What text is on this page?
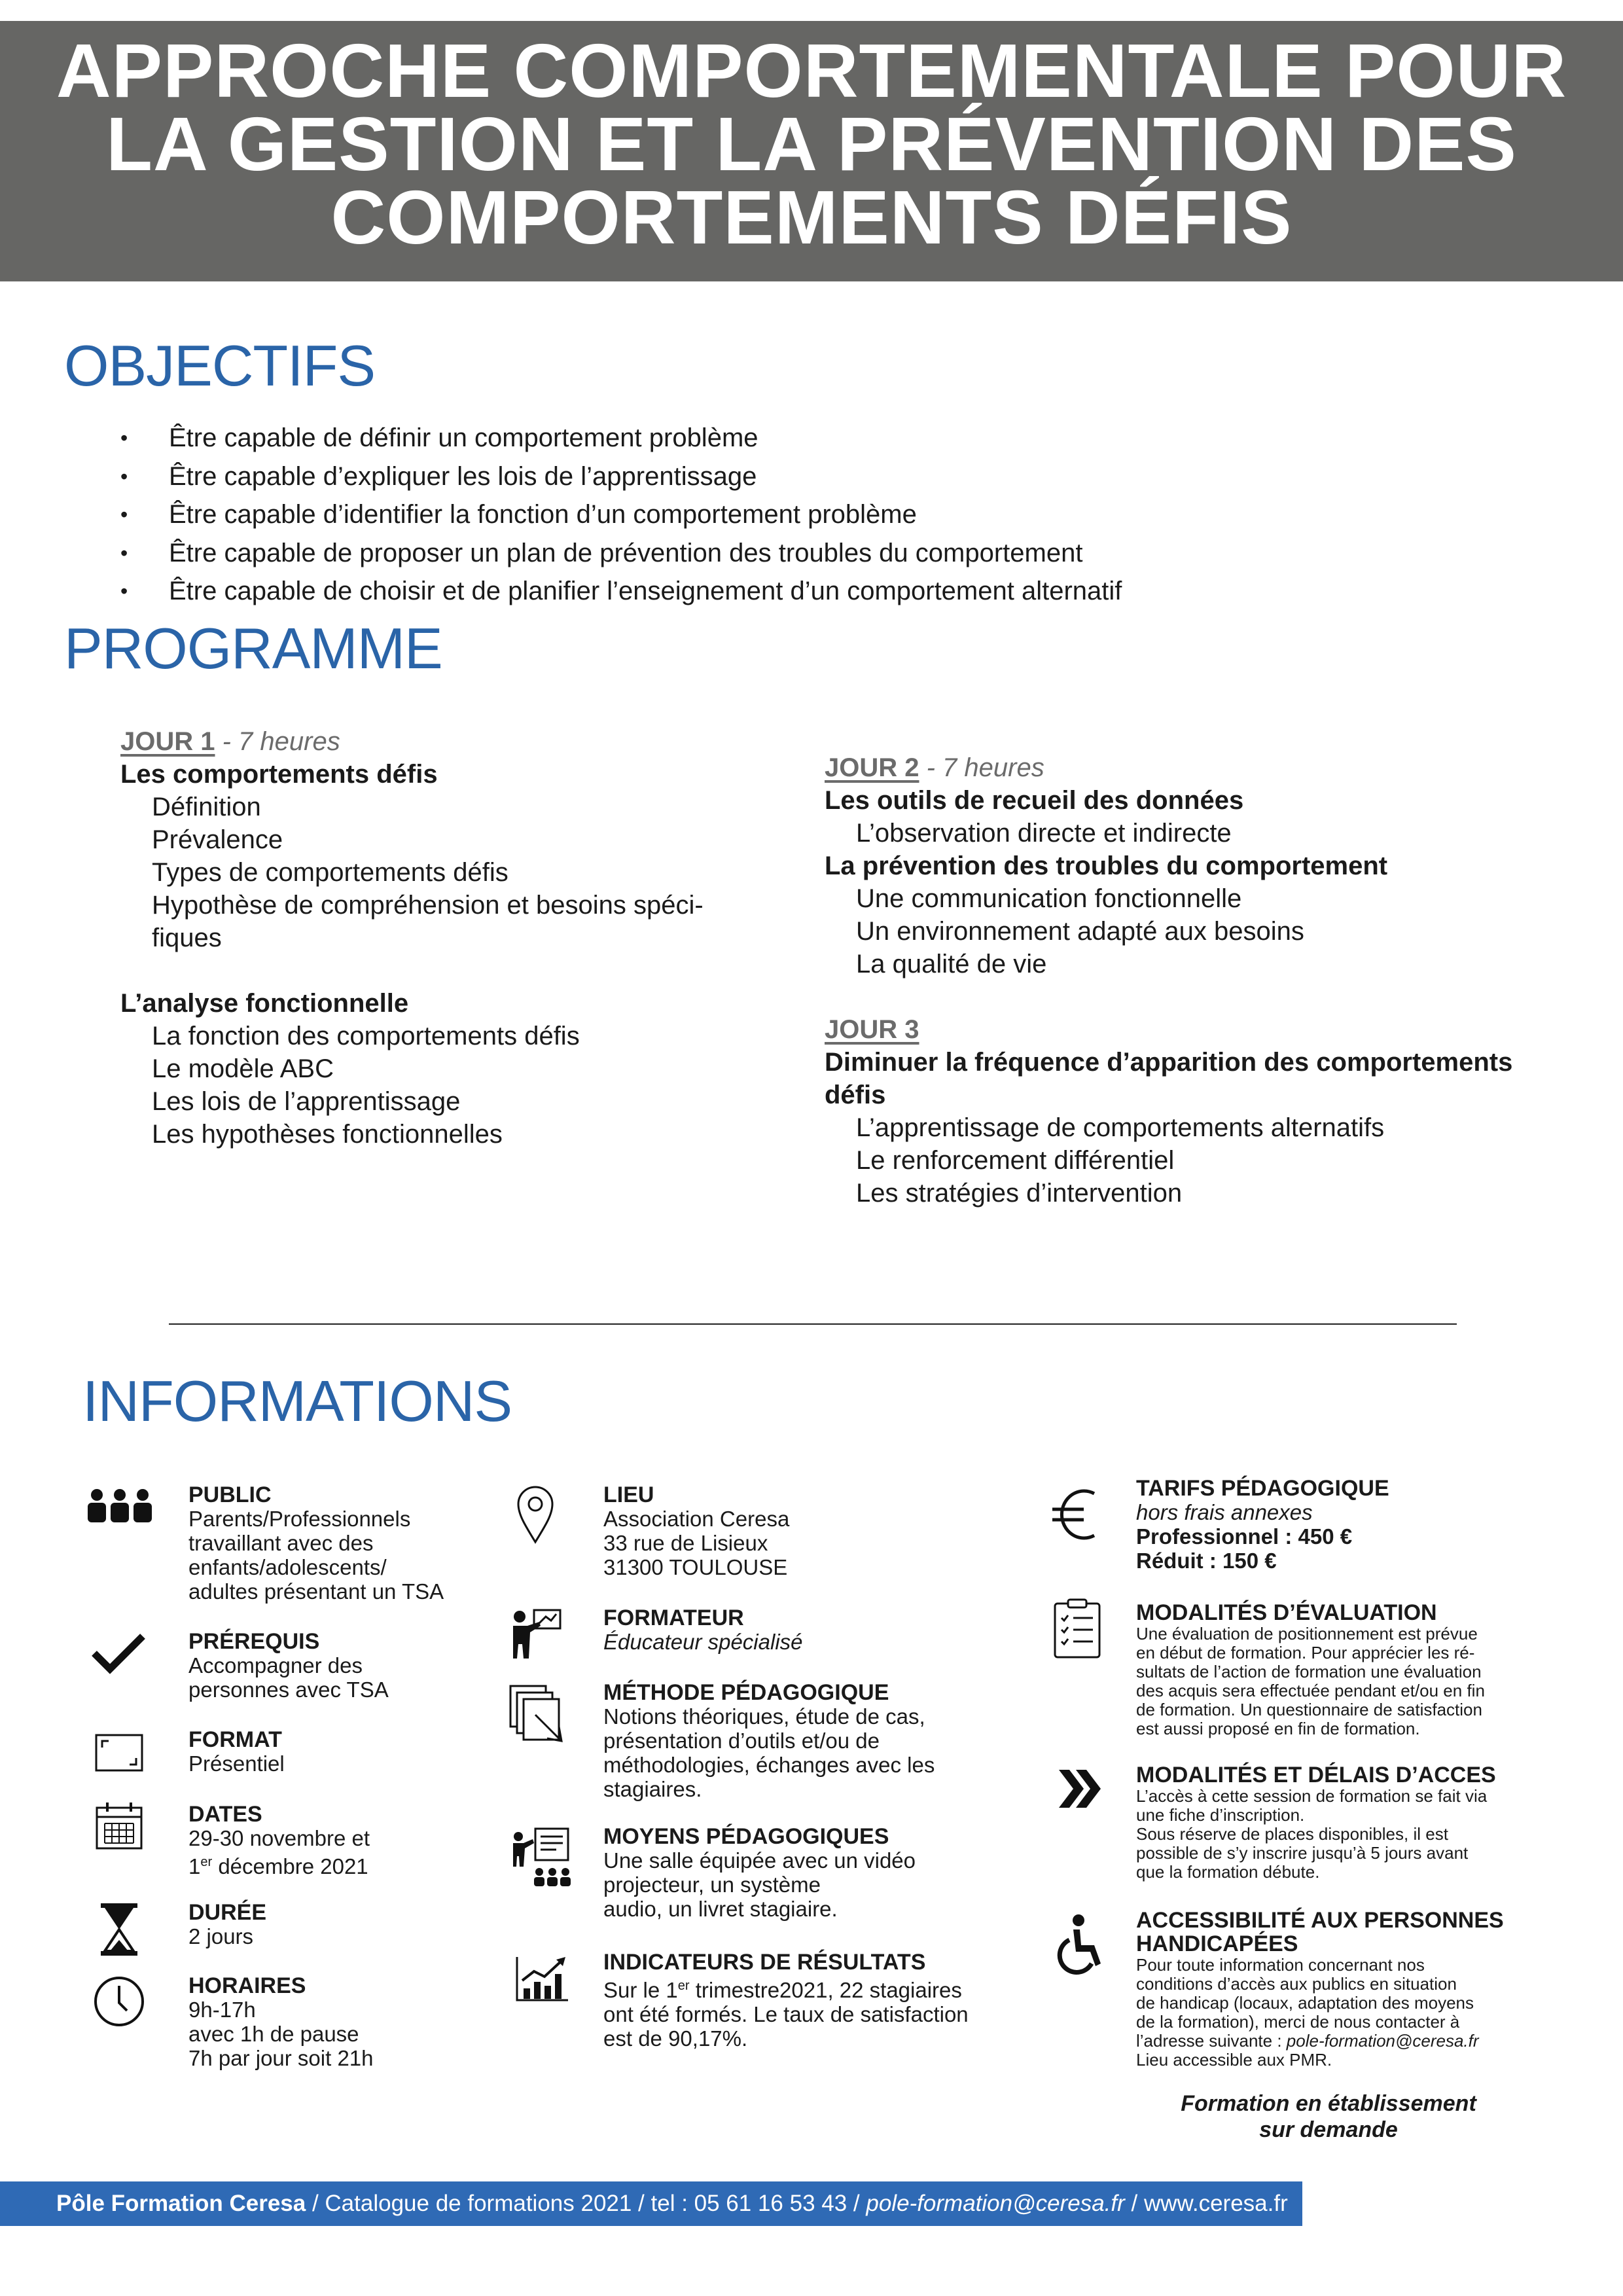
APPROCHE COMPORTEMENTALE POUR
LA GESTION ET LA PRÉVENTION DES
COMPORTEMENTS DÉFIS
OBJECTIFS
• Être capable de définir un comportement problème
• Être capable d’expliquer les lois de l’apprentissage
• Être capable d’identifier la fonction d’un comportement problème
• Être capable de proposer un plan de prévention des troubles du comportement
• Être capable de choisir et de planifier l’enseignement d’un comportement alternatif
PROGRAMME
JOUR 1 - 7 heures
Les comportements défis
Définition
Prévalence
Types de comportements défis
Hypothèse de compréhension et besoins spéci-
fiques
L’analyse fonctionnelle
La fonction des comportements défis
Le modèle ABC
Les lois de l’apprentissage
Les hypothèses fonctionnelles
JOUR 2 - 7 heures
Les outils de recueil des données
L’observation directe et indirecte
La prévention des troubles du comportement
Une communication fonctionnelle
Un environnement adapté aux besoins
La qualité de vie
JOUR 3
Diminuer la fréquence d’apparition des comportements
défis
L’apprentissage de comportements alternatifs
Le renforcement différentiel
Les stratégies d’intervention
INFORMATIONS
PUBLIC
Parents/Professionnels
travaillant avec des
enfants/adolescents/
adultes présentant un TSA
PRÉREQUIS
Accompagner des
personnes avec TSA
FORMAT
Présentiel
DATES
29-30 novembre et
1er décembre 2021
DURÉE
2 jours
HORAIRES
9h-17h
avec 1h de pause
7h par jour soit 21h
LIEU
Association Ceresa
33 rue de Lisieux
31300 TOULOUSE
FORMATEUR
Éducateur spécialisé
MÉTHODE PÉDAGOGIQUE
Notions théoriques, étude de cas,
présentation d’outils et/ou de
méthodologies, échanges avec les
stagiaires.
MOYENS PÉDAGOGIQUES
Une salle équipée avec un vidéo
projecteur, un système
audio, un livret stagiaire.
INDICATEURS DE RÉSULTATS
Sur le 1er trimestre2021, 22 stagiaires
ont été formés. Le taux de satisfaction
est de 90,17%.
TARIFS PÉDAGOGIQUE
hors frais annexes
Professionnel : 450 €
Réduit : 150 €
MODALITÉS D’ÉVALUATION
Une évaluation de positionnement est prévue
en début de formation. Pour apprécier les ré-
sultats de l’action de formation une évaluation
des acquis sera effectuée pendant et/ou en fin
de formation. Un questionnaire de satisfaction
est aussi proposé en fin de formation.
MODALITÉS ET DÉLAIS D’ACCES
L’accès à cette session de formation se fait via
une fiche d’inscription.
Sous réserve de places disponibles, il est
possible de s’y inscrire jusqu’à 5 jours avant
que la formation débute.
ACCESSIBILITÉ AUX PERSONNES
HANDICAPÉES
Pour toute information concernant nos
conditions d’accès aux publics en situation
de handicap (locaux, adaptation des moyens
de la formation), merci de nous contacter à
l’adresse suivante : pole-formation@ceresa.fr
Lieu accessible aux PMR.
Formation en établissement
sur demande
Pôle Formation Ceresa / Catalogue de formations 2021 / tel : 05 61 16 53 43 / pole-formation@ceresa.fr / www.ceresa.fr
